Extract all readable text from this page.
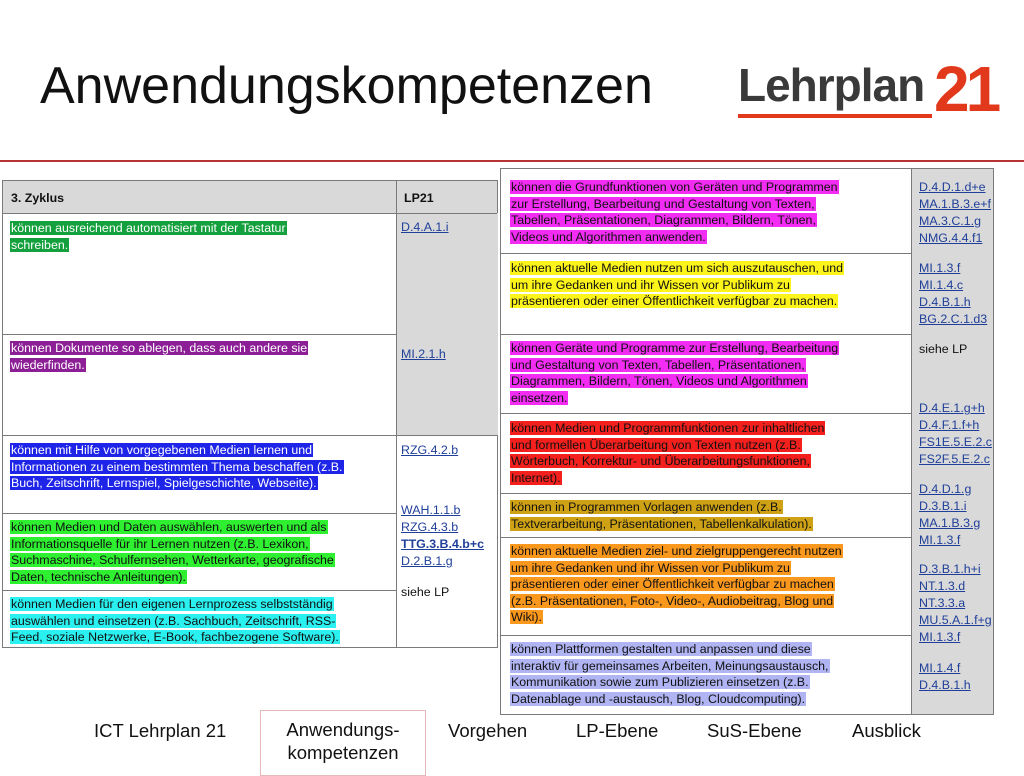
Anwendungskompetenzen Lehrplan 21
3. Zyklus	LP21
können ausreichend automatisiert mit der Tastatur
schreiben.
D.4.A.1.i
können Dokumente so ablegen, dass auch andere sie
wiederfinden.
MI.2.1.h
können mit Hilfe von vorgegebenen Medien lernen und
Informationen zu einem bestimmten Thema beschaffen (z.B.
Buch, Zeitschrift, Lernspiel, Spielgeschichte, Webseite).
RZG.4.2.b
können Medien und Daten auswählen, auswerten und als
Informationsquelle für ihr Lernen nutzen (z.B. Lexikon,
Suchmaschine, Schulfernsehen, Wetterkarte, geografische
Daten, technische Anleitungen).
WAH.1.1.b
RZG.4.3.b
TTG.3.B.4.b+c
D.2.B.1.g
können Medien für den eigenen Lernprozess selbstständig
auswählen und einsetzen (z.B. Sachbuch, Zeitschrift, RSS-
Feed, soziale Netzwerke, E-Book, fachbezogene Software).
siehe LP
können die Grundfunktionen von Geräten und Programmen
zur Erstellung, Bearbeitung und Gestaltung von Texten,
Tabellen, Präsentationen, Diagrammen, Bildern, Tönen,
Videos und Algorithmen anwenden.
D.4.D.1.d+e
MA.1.B.3.e+f
MA.3.C.1.g
NMG.4.4.f1
können aktuelle Medien nutzen um sich auszutauschen, und
um ihre Gedanken und ihr Wissen vor Publikum zu
präsentieren oder einer Öffentlichkeit verfügbar zu machen.
MI.1.3.f
MI.1.4.c
D.4.B.1.h
BG.2.C.1.d3
können Geräte und Programme zur Erstellung, Bearbeitung
und Gestaltung von Texten, Tabellen, Präsentationen,
Diagrammen, Bildern, Tönen, Videos und Algorithmen
einsetzen.
siehe LP
können Medien und Programmfunktionen zur inhaltlichen
und formellen Überarbeitung von Texten nutzen (z.B.
Wörterbuch, Korrektur- und Überarbeitungsfunktionen,
Internet).
D.4.E.1.g+h
D.4.F.1.f+h
FS1E.5.E.2.c
FS2F.5.E.2.c
können in Programmen Vorlagen anwenden (z.B.
Textverarbeitung, Präsentationen, Tabellenkalkulation).
D.4.D.1.g
D.3.B.1.i
MA.1.B.3.g
MI.1.3.f
können aktuelle Medien ziel- und zielgruppengerecht nutzen
um ihre Gedanken und ihr Wissen vor Publikum zu
präsentieren oder einer Öffentlichkeit verfügbar zu machen
(z.B. Präsentationen, Foto-, Video-, Audiobeitrag, Blog und
Wiki).
D.3.B.1.h+i
NT.1.3.d
NT.3.3.a
MU.5.A.1.f+g
MI.1.3.f
können Plattformen gestalten und anpassen und diese
interaktiv für gemeinsames Arbeiten, Meinungsaustausch,
Kommunikation sowie zum Publizieren einsetzen (z.B.
Datenablage und -austausch, Blog, Cloudcomputing).
MI.1.4.f
D.4.B.1.h
ICT Lehrplan 21	Anwendungs-
kompetenzen
Vorgehen	LP-Ebene	SuS-Ebene	Ausblick
